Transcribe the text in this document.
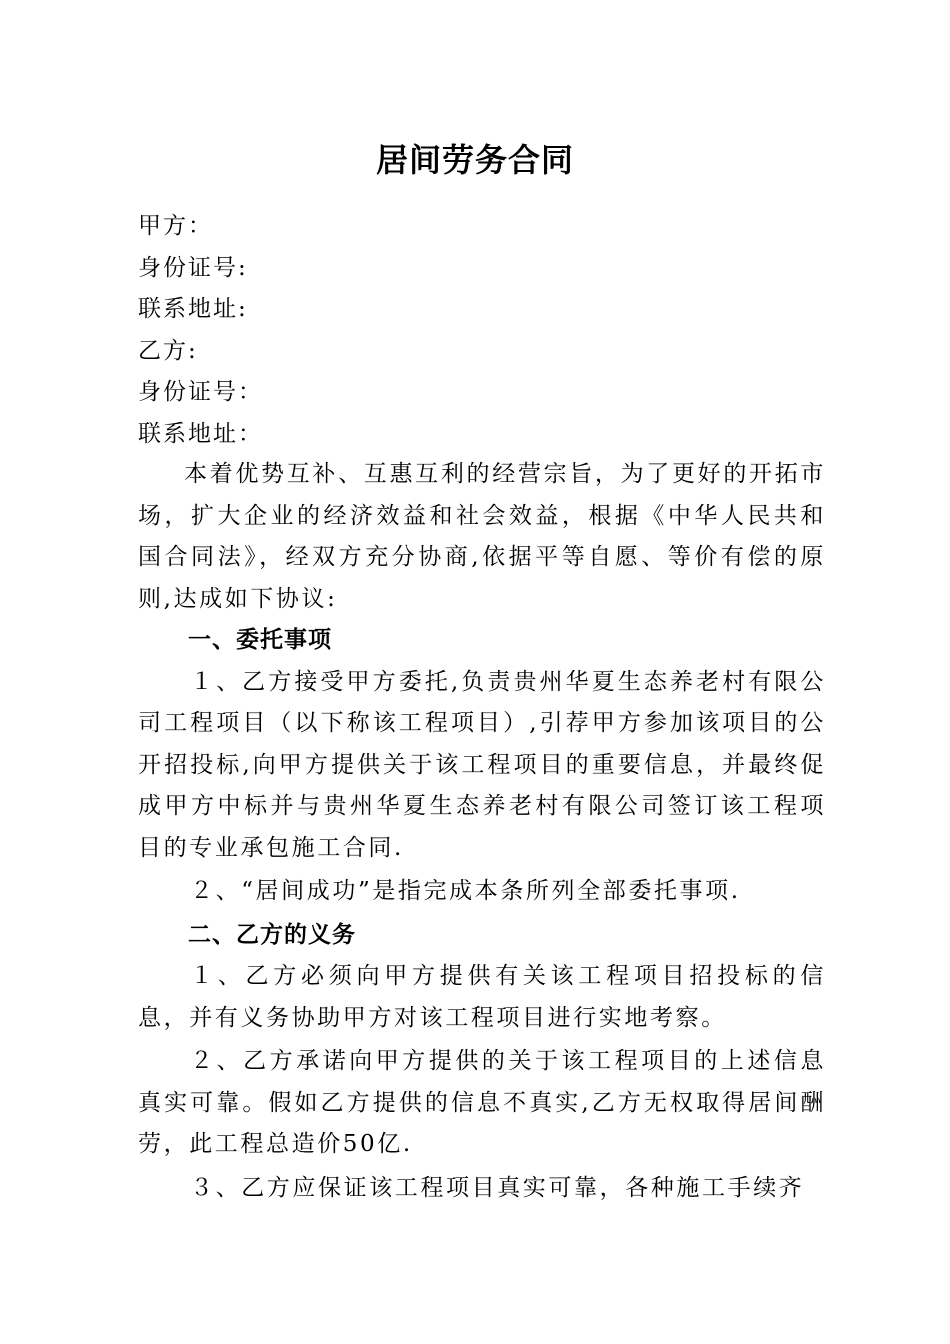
居间劳务合同
甲方：
身份证号:
联系地址:
乙方:
身份证号：
联系地址：

本着优势互补、互惠互利的经营宗旨，为了更好的开拓市场，扩大企业的经济效益和社会效益，根据《中华人民共和国合同法》，经双方充分协商,依据平等自愿、等价有偿的原则,达成如下协议:

一、委托事项

１、乙方接受甲方委托,负责贵州华夏生态养老村有限公司工程项目（以下称该工程项目）,引荐甲方参加该项目的公开招投标,向甲方提供关于该工程项目的重要信息，并最终促成甲方中标并与贵州华夏生态养老村有限公司签订该工程项目的专业承包施工合同.

２、“居间成功”是指完成本条所列全部委托事项.

二、乙方的义务

１、乙方必须向甲方提供有关该工程项目招投标的信息，并有义务协助甲方对该工程项目进行实地考察。

２、乙方承诺向甲方提供的关于该工程项目的上述信息真实可靠。假如乙方提供的信息不真实,乙方无权取得居间酬劳，此工程总造价50亿.

３、乙方应保证该工程项目真实可靠，各种施工手续齐
